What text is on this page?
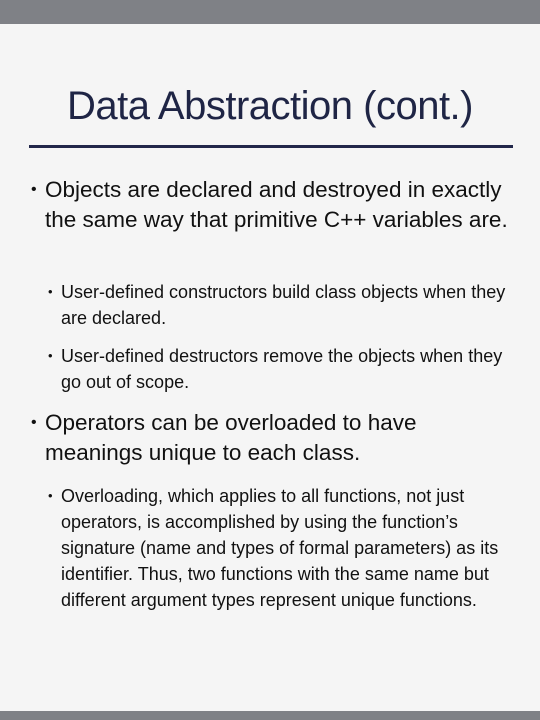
Data Abstraction (cont.)
• Objects are declared and destroyed in exactly the same way that primitive C++ variables are.
• User-defined constructors build class objects when they are declared.
• User-defined destructors remove the objects when they go out of scope.
• Operators can be overloaded to have meanings unique to each class.
• Overloading, which applies to all functions, not just operators, is accomplished by using the function’s signature (name and types of formal parameters) as its identifier. Thus, two functions with the same name but different argument types represent unique functions.
